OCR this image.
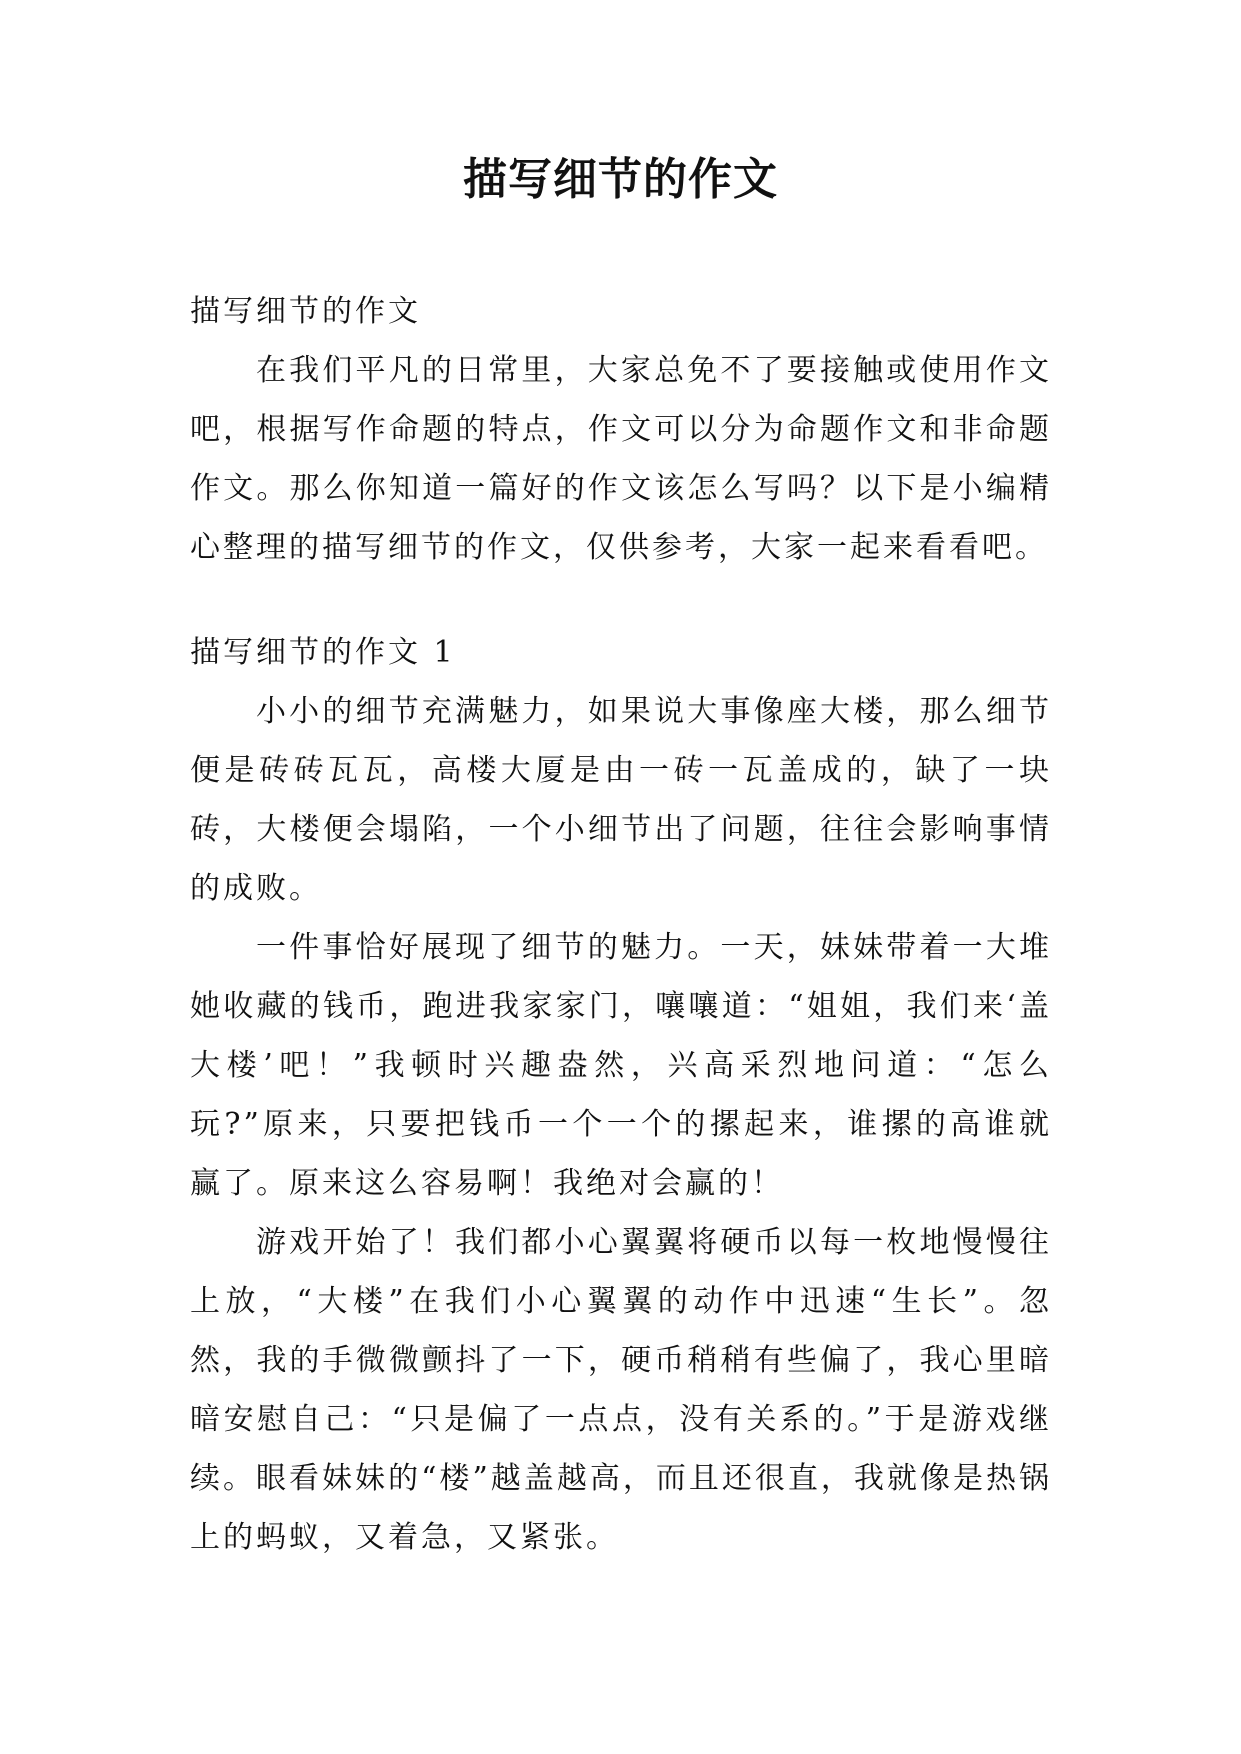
描写细节的作文

描写细节的作文

在我们平凡的日常里，大家总免不了要接触或使用作文吧，根据写作命题的特点，作文可以分为命题作文和非命题作文。那么你知道一篇好的作文该怎么写吗？以下是小编精心整理的描写细节的作文，仅供参考，大家一起来看看吧。

描写细节的作文 1

小小的细节充满魅力，如果说大事像座大楼，那么细节便是砖砖瓦瓦，高楼大厦是由一砖一瓦盖成的，缺了一块砖，大楼便会塌陷，一个小细节出了问题，往往会影响事情的成败。

一件事恰好展现了细节的魅力。一天，妹妹带着一大堆她收藏的钱币，跑进我家家门，嚷嚷道：“姐姐，我们来‘盖大楼’吧！”我顿时兴趣盎然，兴高采烈地问道：“怎么玩?”原来，只要把钱币一个一个的摞起来，谁摞的高谁就赢了。原来这么容易啊！我绝对会赢的！

游戏开始了！我们都小心翼翼将硬币以每一枚地慢慢往上放，“大楼”在我们小心翼翼的动作中迅速“生长”。忽然，我的手微微颤抖了一下，硬币稍稍有些偏了，我心里暗暗安慰自己：“只是偏了一点点，没有关系的。”于是游戏继续。眼看妹妹的“楼”越盖越高，而且还很直，我就像是热锅上的蚂蚁，又着急，又紧张。
